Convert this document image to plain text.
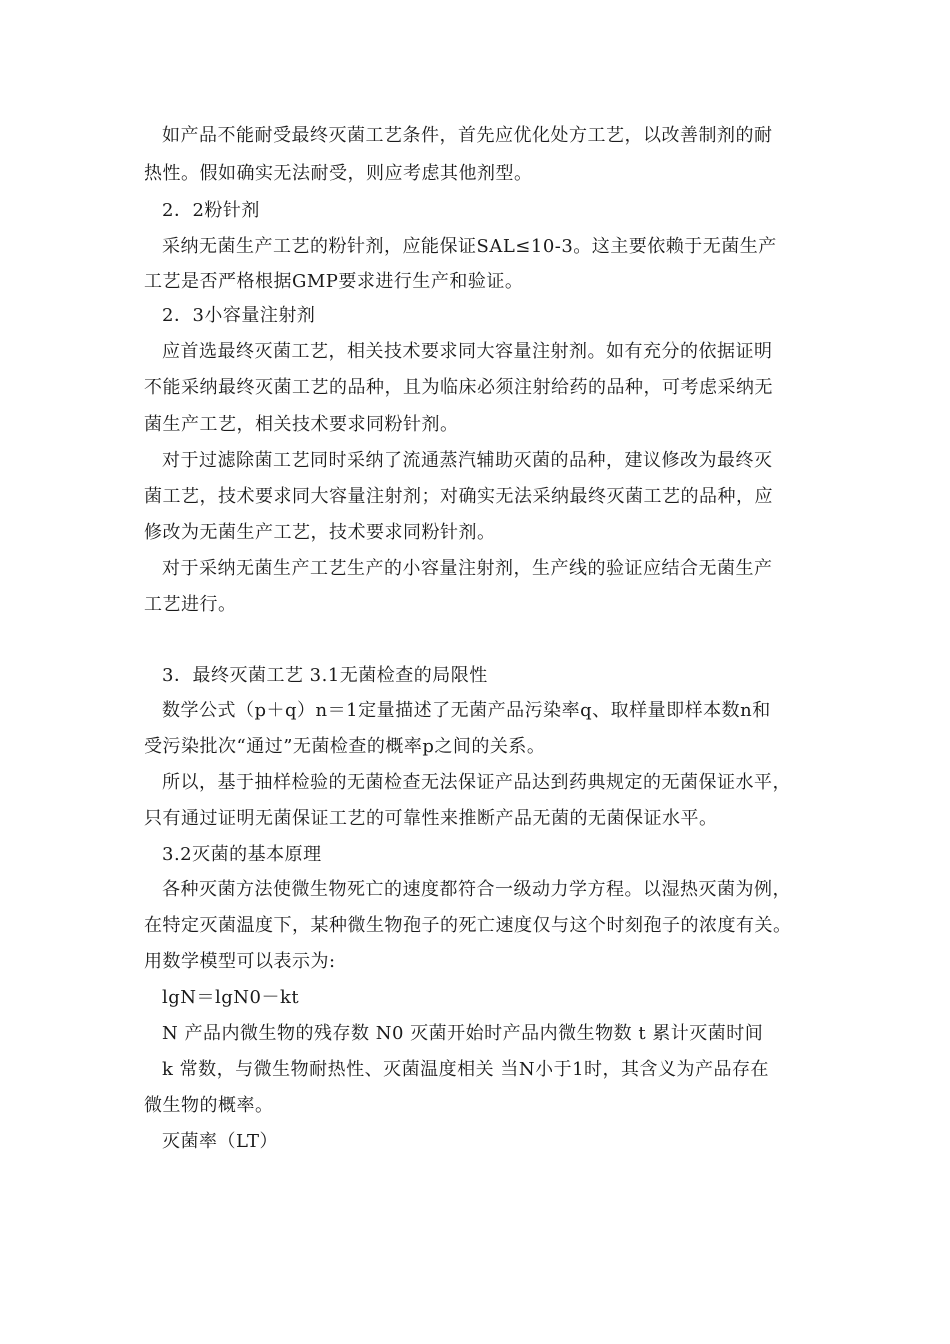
如产品不能耐受最终灭菌工艺条件，首先应优化处方工艺，以改善制剂的耐
热性。假如确实无法耐受，则应考虑其他剂型。
2．2粉针剂
采纳无菌生产工艺的粉针剂，应能保证SAL≤10-3。这主要依赖于无菌生产
工艺是否严格根据GMP要求进行生产和验证。
2．3小容量注射剂
应首选最终灭菌工艺，相关技术要求同大容量注射剂。如有充分的依据证明
不能采纳最终灭菌工艺的品种，且为临床必须注射给药的品种，可考虑采纳无
菌生产工艺，相关技术要求同粉针剂。
对于过滤除菌工艺同时采纳了流通蒸汽辅助灭菌的品种，建议修改为最终灭
菌工艺，技术要求同大容量注射剂；对确实无法采纳最终灭菌工艺的品种，应
修改为无菌生产工艺，技术要求同粉针剂。
对于采纳无菌生产工艺生产的小容量注射剂，生产线的验证应结合无菌生产
工艺进行。
3．最终灭菌工艺 3.1无菌检查的局限性
数学公式（p＋q）n＝1定量描述了无菌产品污染率q、取样量即样本数n和
受污染批次“通过”无菌检查的概率p之间的关系。
所以，基于抽样检验的无菌检查无法保证产品达到药典规定的无菌保证水平，
只有通过证明无菌保证工艺的可靠性来推断产品无菌的无菌保证水平。
3.2灭菌的基本原理
各种灭菌方法使微生物死亡的速度都符合一级动力学方程。以湿热灭菌为例，
在特定灭菌温度下，某种微生物孢子的死亡速度仅与这个时刻孢子的浓度有关。
用数学模型可以表示为:
lgN＝lgN0－kt
N 产品内微生物的残存数 N0 灭菌开始时产品内微生物数 t 累计灭菌时间
k 常数，与微生物耐热性、灭菌温度相关 当N小于1时，其含义为产品存在
微生物的概率。
灭菌率（LT）
